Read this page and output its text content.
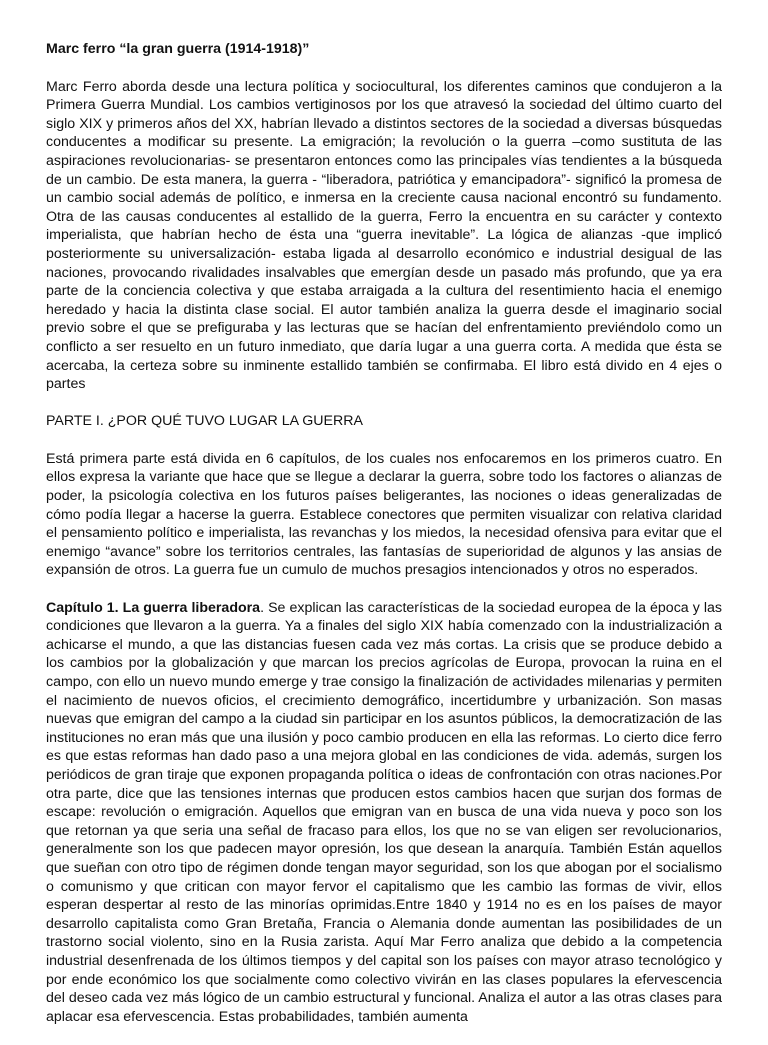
Marc ferro “la gran guerra (1914-1918)”

Marc Ferro aborda desde una lectura política y sociocultural, los diferentes caminos que condujeron a la Primera Guerra Mundial. Los cambios vertiginosos por los que atravesó la sociedad del último cuarto del siglo XIX y primeros años del XX, habrían llevado a distintos sectores de la sociedad a diversas búsquedas conducentes a modificar su presente. La emigración; la revolución o la guerra –como sustituta de las aspiraciones revolucionarias- se presentaron entonces como las principales vías tendientes a la búsqueda de un cambio. De esta manera, la guerra - “liberadora, patriótica y emancipadora”- significó la promesa de un cambio social además de político, e inmersa en la creciente causa nacional encontró su fundamento. Otra de las causas conducentes al estallido de la guerra, Ferro la encuentra en su carácter y contexto imperialista, que habrían hecho de ésta una “guerra inevitable”. La lógica de alianzas -que implicó posteriormente su universalización- estaba ligada al desarrollo económico e industrial desigual de las naciones, provocando rivalidades insalvables que emergían desde un pasado más profundo, que ya era parte de la conciencia colectiva y que estaba arraigada a la cultura del resentimiento hacia el enemigo heredado y hacia la distinta clase social. El autor también analiza la guerra desde el imaginario social previo sobre el que se prefiguraba y las lecturas que se hacían del enfrentamiento previéndolo como un conflicto a ser resuelto en un futuro inmediato, que daría lugar a una guerra corta. A medida que ésta se acercaba, la certeza sobre su inminente estallido también se confirmaba. El libro está divido en 4 ejes o partes

PARTE I. ¿POR QUÉ TUVO LUGAR LA GUERRA

Está primera parte está divida en 6 capítulos, de los cuales nos enfocaremos en los primeros cuatro. En ellos expresa la variante que hace que se llegue a declarar la guerra, sobre todo los factores o alianzas de poder, la psicología colectiva en los futuros países beligerantes, las nociones o ideas generalizadas de cómo podía llegar a hacerse la guerra. Establece conectores que permiten visualizar con relativa claridad el pensamiento político e imperialista, las revanchas y los miedos, la necesidad ofensiva para evitar que el enemigo “avance” sobre los territorios centrales, las fantasías de superioridad de algunos y las ansias de expansión de otros. La guerra fue un cumulo de muchos presagios intencionados y otros no esperados.

Capítulo 1. La guerra liberadora. Se explican las características de la sociedad europea de la época y las condiciones que llevaron a la guerra. Ya a finales del siglo XIX había comenzado con la industrialización a achicarse el mundo, a que las distancias fuesen cada vez más cortas. La crisis que se produce debido a los cambios por la globalización y que marcan los precios agrícolas de Europa, provocan la ruina en el campo, con ello un nuevo mundo emerge y trae consigo la finalización de actividades milenarias y permiten el nacimiento de nuevos oficios, el crecimiento demográfico, incertidumbre y urbanización. Son masas nuevas que emigran del campo a la ciudad sin participar en los asuntos públicos, la democratización de las instituciones no eran más que una ilusión y poco cambio producen en ella las reformas. Lo cierto dice ferro es que estas reformas han dado paso a una mejora global en las condiciones de vida. además, surgen los periódicos de gran tiraje que exponen propaganda política o ideas de confrontación con otras naciones.Por otra parte, dice que las tensiones internas que producen estos cambios hacen que surjan dos formas de escape: revolución o emigración. Aquellos que emigran van en busca de una vida nueva y poco son los que retornan ya que seria una señal de fracaso para ellos, los que no se van eligen ser revolucionarios, generalmente son los que padecen mayor opresión, los que desean la anarquía. También Están aquellos que sueñan con otro tipo de régimen donde tengan mayor seguridad, son los que abogan por el socialismo o comunismo y que critican con mayor fervor el capitalismo que les cambio las formas de vivir, ellos esperan despertar al resto de las minorías oprimidas.Entre 1840 y 1914 no es en los países de mayor desarrollo capitalista como Gran Bretaña, Francia o Alemania donde aumentan las posibilidades de un trastorno social violento, sino en la Rusia zarista. Aquí Mar Ferro analiza que debido a la competencia industrial desenfrenada de los últimos tiempos y del capital son los países con mayor atraso tecnológico y por ende económico los que socialmente como colectivo vivirán en las clases populares la efervescencia del deseo cada vez más lógico de un cambio estructural y funcional. Analiza el autor a las otras clases para aplacar esa efervescencia. Estas probabilidades, también aumenta
